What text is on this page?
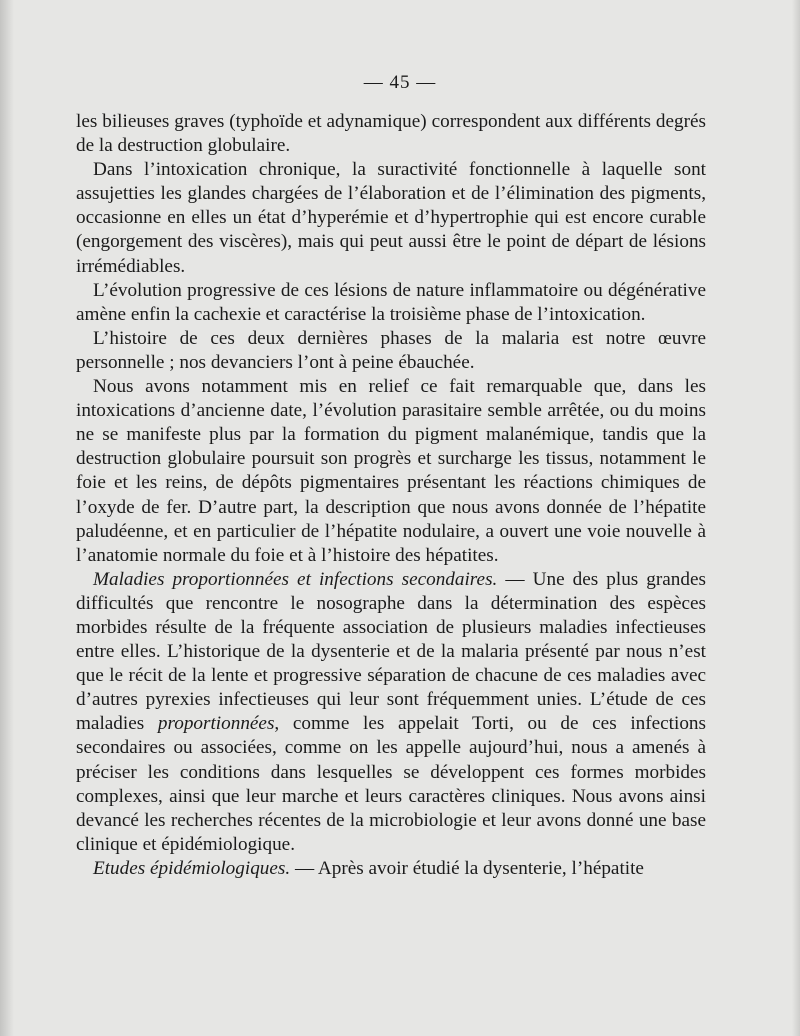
— 45 —

les bilieuses graves (typhoïde et adynamique) correspondent aux différents degrés de la destruction globulaire.

Dans l’intoxication chronique, la suractivité fonctionnelle à laquelle sont assujetties les glandes chargées de l’élaboration et de l’élimination des pigments, occasionne en elles un état d’hyperémie et d’hypertrophie qui est encore curable (engorgement des viscères), mais qui peut aussi être le point de départ de lésions irrémédiables.

L’évolution progressive de ces lésions de nature inflammatoire ou dégénérative amène enfin la cachexie et caractérise la troisième phase de l’intoxication.

L’histoire de ces deux dernières phases de la malaria est notre œuvre personnelle ; nos devanciers l’ont à peine ébauchée.

Nous avons notamment mis en relief ce fait remarquable que, dans les intoxications d’ancienne date, l’évolution parasitaire semble arrêtée, ou du moins ne se manifeste plus par la formation du pigment malanémique, tandis que la destruction globulaire poursuit son progrès et surcharge les tissus, notamment le foie et les reins, de dépôts pigmentaires présentant les réactions chimiques de l’oxyde de fer. D’autre part, la description que nous avons donnée de l’hépatite paludéenne, et en particulier de l’hépatite nodulaire, a ouvert une voie nouvelle à l’anatomie normale du foie et à l’histoire des hépatites.

Maladies proportionnées et infections secondaires. — Une des plus grandes difficultés que rencontre le nosographe dans la détermination des espèces morbides résulte de la fréquente association de plusieurs maladies infectieuses entre elles. L’historique de la dysenterie et de la malaria présenté par nous n’est que le récit de la lente et progressive séparation de chacune de ces maladies avec d’autres pyrexies infectieuses qui leur sont fréquemment unies. L’étude de ces maladies proportionnées, comme les appelait Torti, ou de ces infections secondaires ou associées, comme on les appelle aujourd’hui, nous a amenés à préciser les conditions dans lesquelles se développent ces formes morbides complexes, ainsi que leur marche et leurs caractères cliniques. Nous avons ainsi devancé les recherches récentes de la microbiologie et leur avons donné une base clinique et épidémiologique.

Etudes épidémiologiques. — Après avoir étudié la dysenterie, l’hépatite
